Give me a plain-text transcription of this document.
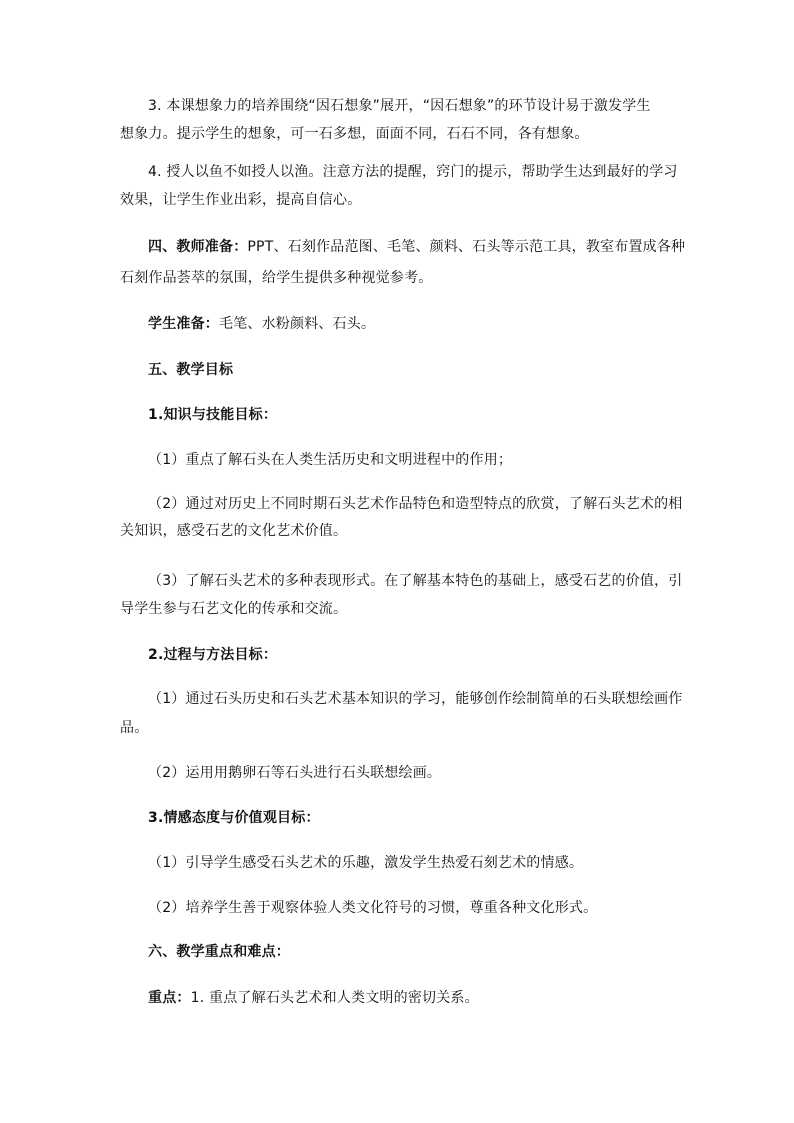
3. 本课想象力的培养围绕“因石想象”展开，“因石想象”的环节设计易于激发学生
想象力。提示学生的想象，可一石多想，面面不同，石石不同，各有想象。
4. 授人以鱼不如授人以渔。注意方法的提醒，窍门的提示，帮助学生达到最好的学习
效果，让学生作业出彩，提高自信心。
四、教师准备：PPT、石刻作品范图、毛笔、颜料、石头等示范工具，教室布置成各种
石刻作品荟萃的氛围，给学生提供多种视觉参考。
学生准备：毛笔、水粉颜料、石头。
五、教学目标
1.知识与技能目标：
（1）重点了解石头在人类生活历史和文明进程中的作用；
（2）通过对历史上不同时期石头艺术作品特色和造型特点的欣赏，了解石头艺术的相
关知识，感受石艺的文化艺术价值。
（3）了解石头艺术的多种表现形式。在了解基本特色的基础上，感受石艺的价值，引
导学生参与石艺文化的传承和交流。
2.过程与方法目标：
（1）通过石头历史和石头艺术基本知识的学习，能够创作绘制简单的石头联想绘画作
品。
（2）运用用鹅卵石等石头进行石头联想绘画。
3.情感态度与价值观目标：
（1）引导学生感受石头艺术的乐趣，激发学生热爱石刻艺术的情感。
（2）培养学生善于观察体验人类文化符号的习惯，尊重各种文化形式。
六、教学重点和难点：
重点：1. 重点了解石头艺术和人类文明的密切关系。
